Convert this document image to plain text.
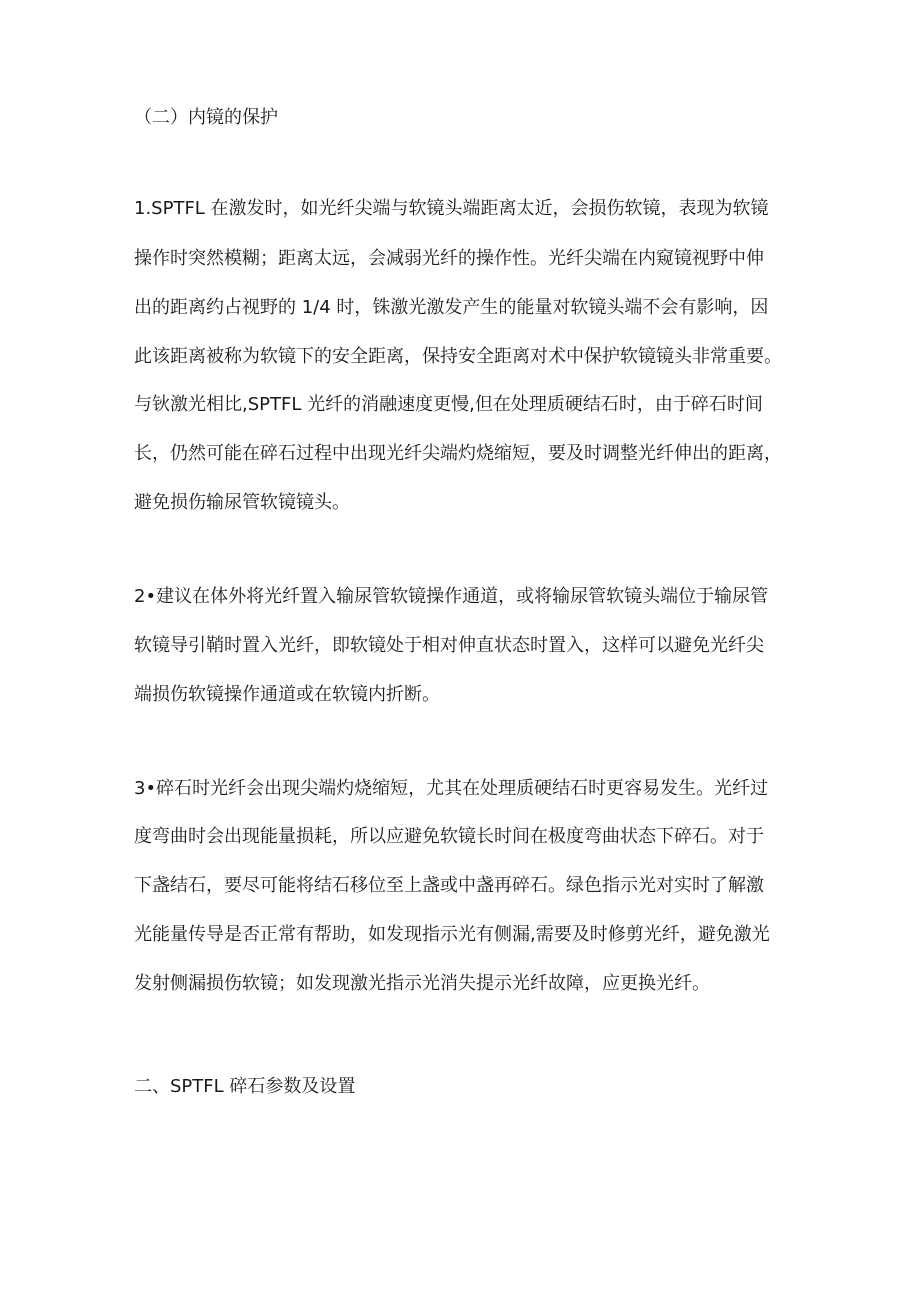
（二）内镜的保护
1.SPTFL 在激发时，如光纤尖端与软镜头端距离太近，会损伤软镜，表现为软镜
操作时突然模糊；距离太远，会减弱光纤的操作性。光纤尖端在内窥镜视野中伸
出的距离约占视野的 1/4 时，铢激光激发产生的能量对软镜头端不会有影响，因
此该距离被称为软镜下的安全距离，保持安全距离对术中保护软镜镜头非常重要。
与钬激光相比,SPTFL 光纤的消融速度更慢,但在处理质硬结石时，由于碎石时间
长，仍然可能在碎石过程中出现光纤尖端灼烧缩短，要及时调整光纤伸出的距离，
避免损伤输尿管软镜镜头。
2•建议在体外将光纤置入输尿管软镜操作通道，或将输尿管软镜头端位于输尿管
软镜导引鞘时置入光纤，即软镜处于相对伸直状态时置入，这样可以避免光纤尖
端损伤软镜操作通道或在软镜内折断。
3•碎石时光纤会出现尖端灼烧缩短，尤其在处理质硬结石时更容易发生。光纤过
度弯曲时会出现能量损耗，所以应避免软镜长时间在极度弯曲状态下碎石。对于
下盏结石，要尽可能将结石移位至上盏或中盏再碎石。绿色指示光对实时了解激
光能量传导是否正常有帮助，如发现指示光有侧漏,需要及时修剪光纤，避免激光
发射侧漏损伤软镜；如发现激光指示光消失提示光纤故障，应更换光纤。
二、SPTFL 碎石参数及设置
